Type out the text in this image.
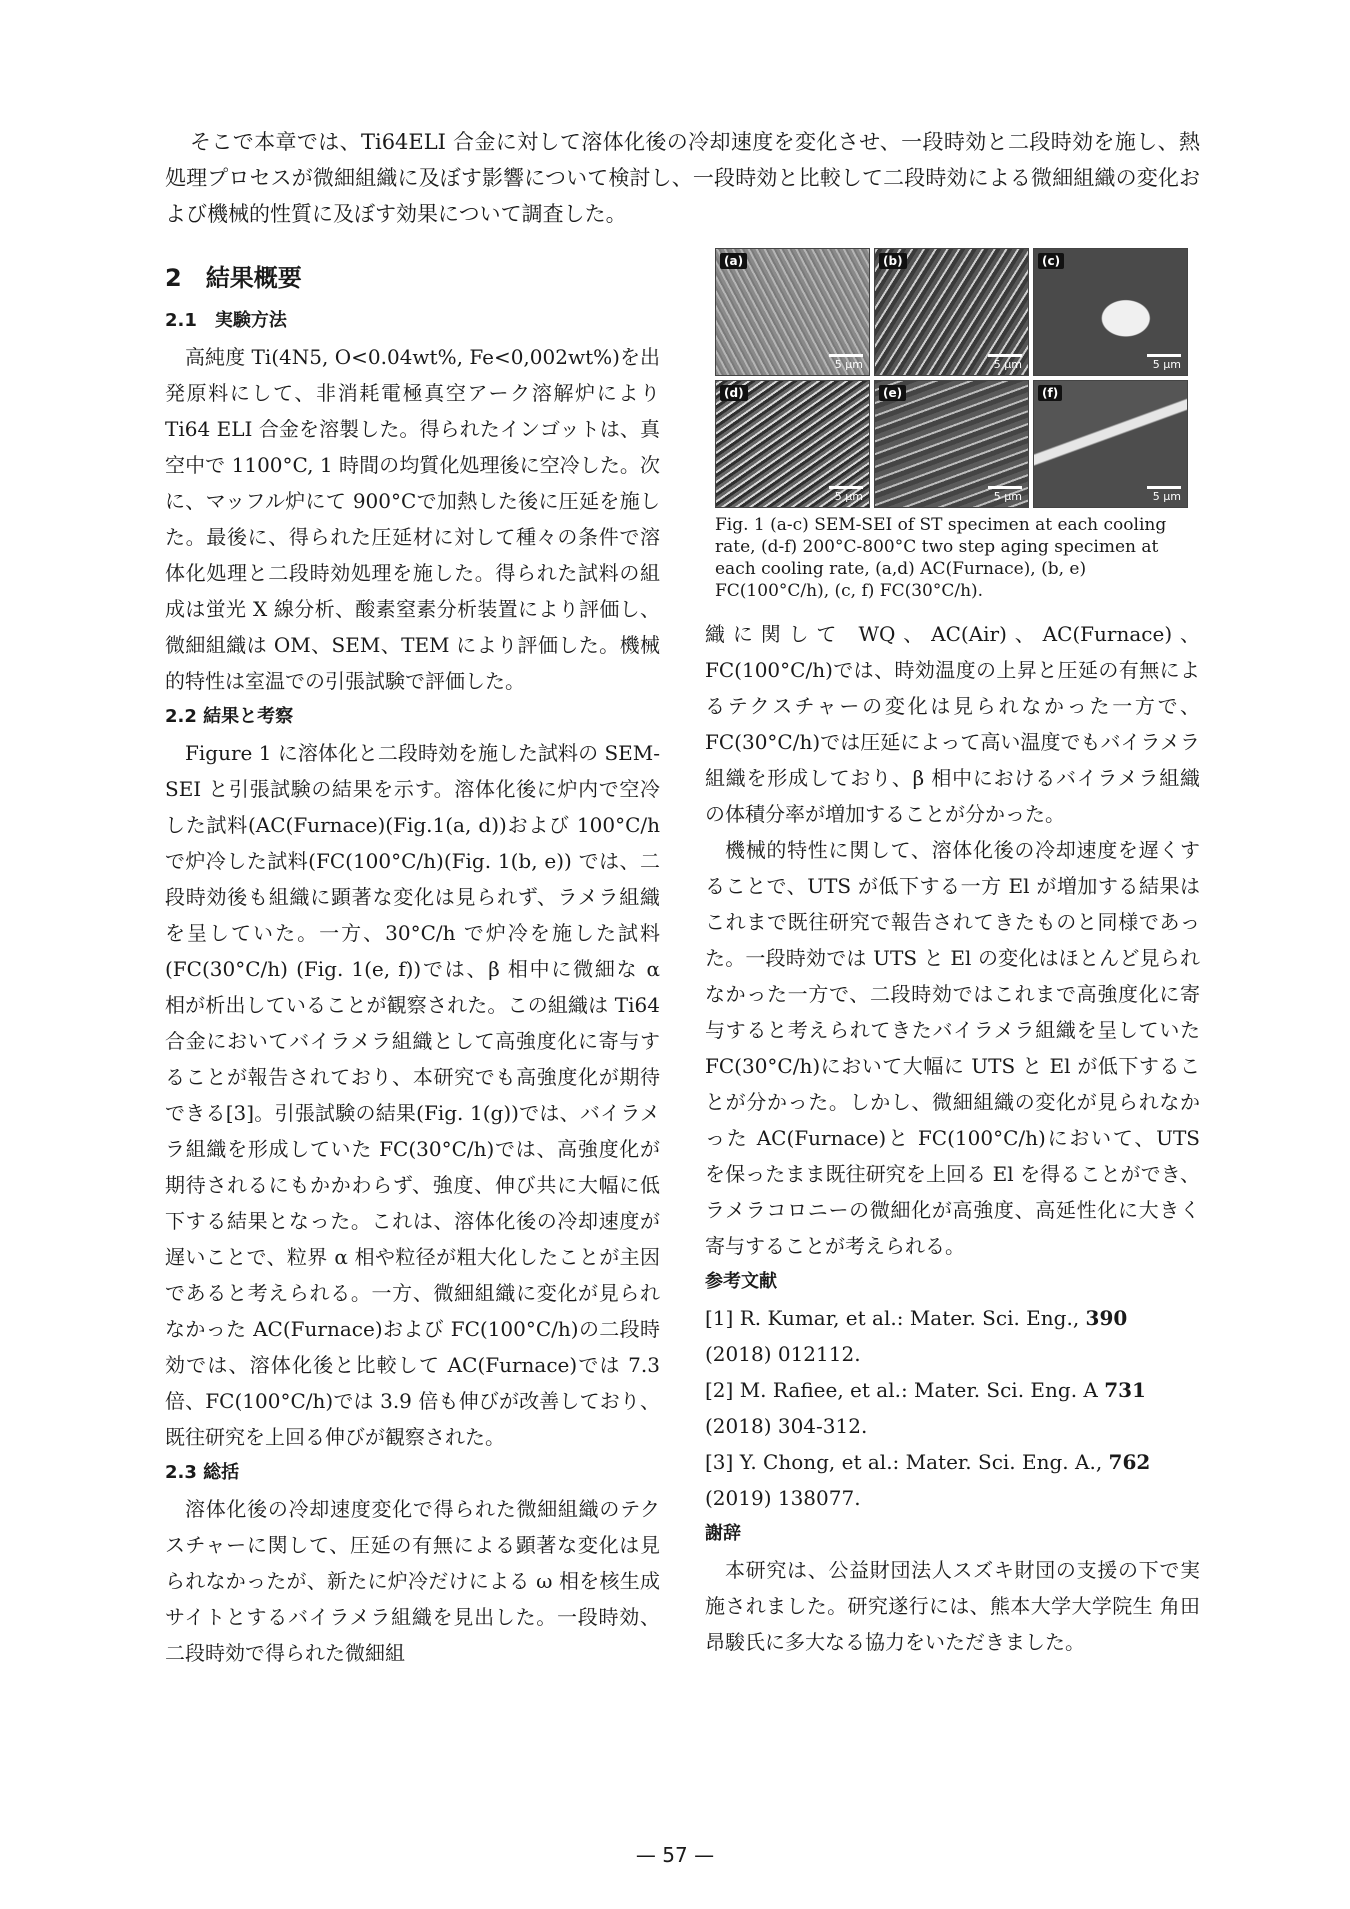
そこで本章では、Ti64ELI 合金に対して溶体化後の冷却速度を変化させ、一段時効と二段時効を施し、熱処理プロセスが微細組織に及ぼす影響について検討し、一段時効と比較して二段時効による微細組織の変化および機械的性質に及ぼす効果について調査した。

2　結果概要
2.1　実験方法

高純度 Ti(4N5, O<0.04wt%, Fe<0,002wt%)を出発原料にして、非消耗電極真空アーク溶解炉により Ti64 ELI 合金を溶製した。得られたインゴットは、真空中で 1100°C, 1 時間の均質化処理後に空冷した。次に、マッフル炉にて 900°Cで加熱した後に圧延を施した。最後に、得られた圧延材に対して種々の条件で溶体化処理と二段時効処理を施した。得られた試料の組成は蛍光 X 線分析、酸素窒素分析装置により評価し、微細組織は OM、SEM、TEM により評価した。機械的特性は室温での引張試験で評価した。

2.2 結果と考察

Figure 1 に溶体化と二段時効を施した試料の SEM-SEI と引張試験の結果を示す。溶体化後に炉内で空冷した試料(AC(Furnace)(Fig.1(a, d))および 100°C/h で炉冷した試料(FC(100°C/h)(Fig. 1(b, e)) では、二段時効後も組織に顕著な変化は見られず、ラメラ組織を呈していた。一方、30°C/h で炉冷を施した試料(FC(30°C/h) (Fig. 1(e, f))では、β 相中に微細な α 相が析出していることが観察された。この組織は Ti64 合金においてバイラメラ組織として高強度化に寄与することが報告されており、本研究でも高強度化が期待できる[3]。引張試験の結果(Fig. 1(g))では、バイラメラ組織を形成していた FC(30°C/h)では、高強度化が期待されるにもかかわらず、強度、伸び共に大幅に低下する結果となった。これは、溶体化後の冷却速度が遅いことで、粒界 α 相や粒径が粗大化したことが主因であると考えられる。一方、微細組織に変化が見られなかった AC(Furnace)および FC(100°C/h)の二段時効では、溶体化後と比較して AC(Furnace)では 7.3 倍、FC(100°C/h)では 3.9 倍も伸びが改善しており、既往研究を上回る伸びが観察された。

2.3 総括

溶体化後の冷却速度変化で得られた微細組織のテクスチャーに関して、圧延の有無による顕著な変化は見られなかったが、新たに炉冷だけによる ω 相を核生成サイトとするバイラメラ組織を見出した。一段時効、二段時効で得られた微細組

(a)
5 μm
(b)
5 μm
(c)
5 μm
(d)
5 μm
(e)
5 μm
(f)
5 μm

Fig. 1 (a-c) SEM-SEI of ST specimen at each cooling rate, (d-f) 200°C-800°C two step aging specimen at each cooling rate, (a,d) AC(Furnace), (b, e) FC(100°C/h), (c, f) FC(30°C/h).

織に関して WQ、AC(Air)、AC(Furnace)、FC(100°C/h)では、時効温度の上昇と圧延の有無によるテクスチャーの変化は見られなかった一方で、FC(30°C/h)では圧延によって高い温度でもバイラメラ組織を形成しており、β 相中におけるバイラメラ組織の体積分率が増加することが分かった。

機械的特性に関して、溶体化後の冷却速度を遅くすることで、UTS が低下する一方 El が増加する結果はこれまで既往研究で報告されてきたものと同様であった。一段時効では UTS と El の変化はほとんど見られなかった一方で、二段時効ではこれまで高強度化に寄与すると考えられてきたバイラメラ組織を呈していた FC(30°C/h)において大幅に UTS と El が低下することが分かった。しかし、微細組織の変化が見られなかった AC(Furnace)と FC(100°C/h)において、UTS を保ったまま既往研究を上回る El を得ることができ、ラメラコロニーの微細化が高強度、高延性化に大きく寄与することが考えられる。

参考文献

[1] R. Kumar, et al.: Mater. Sci. Eng., 390 (2018) 012112.

[2] M. Rafiee, et al.: Mater. Sci. Eng. A 731 (2018) 304-312.

[3] Y. Chong, et al.: Mater. Sci. Eng. A., 762 (2019) 138077.

謝辞

本研究は、公益財団法人スズキ財団の支援の下で実施されました。研究遂行には、熊本大学大学院生 角田昂駿氏に多大なる協力をいただきました。

— 57 —
